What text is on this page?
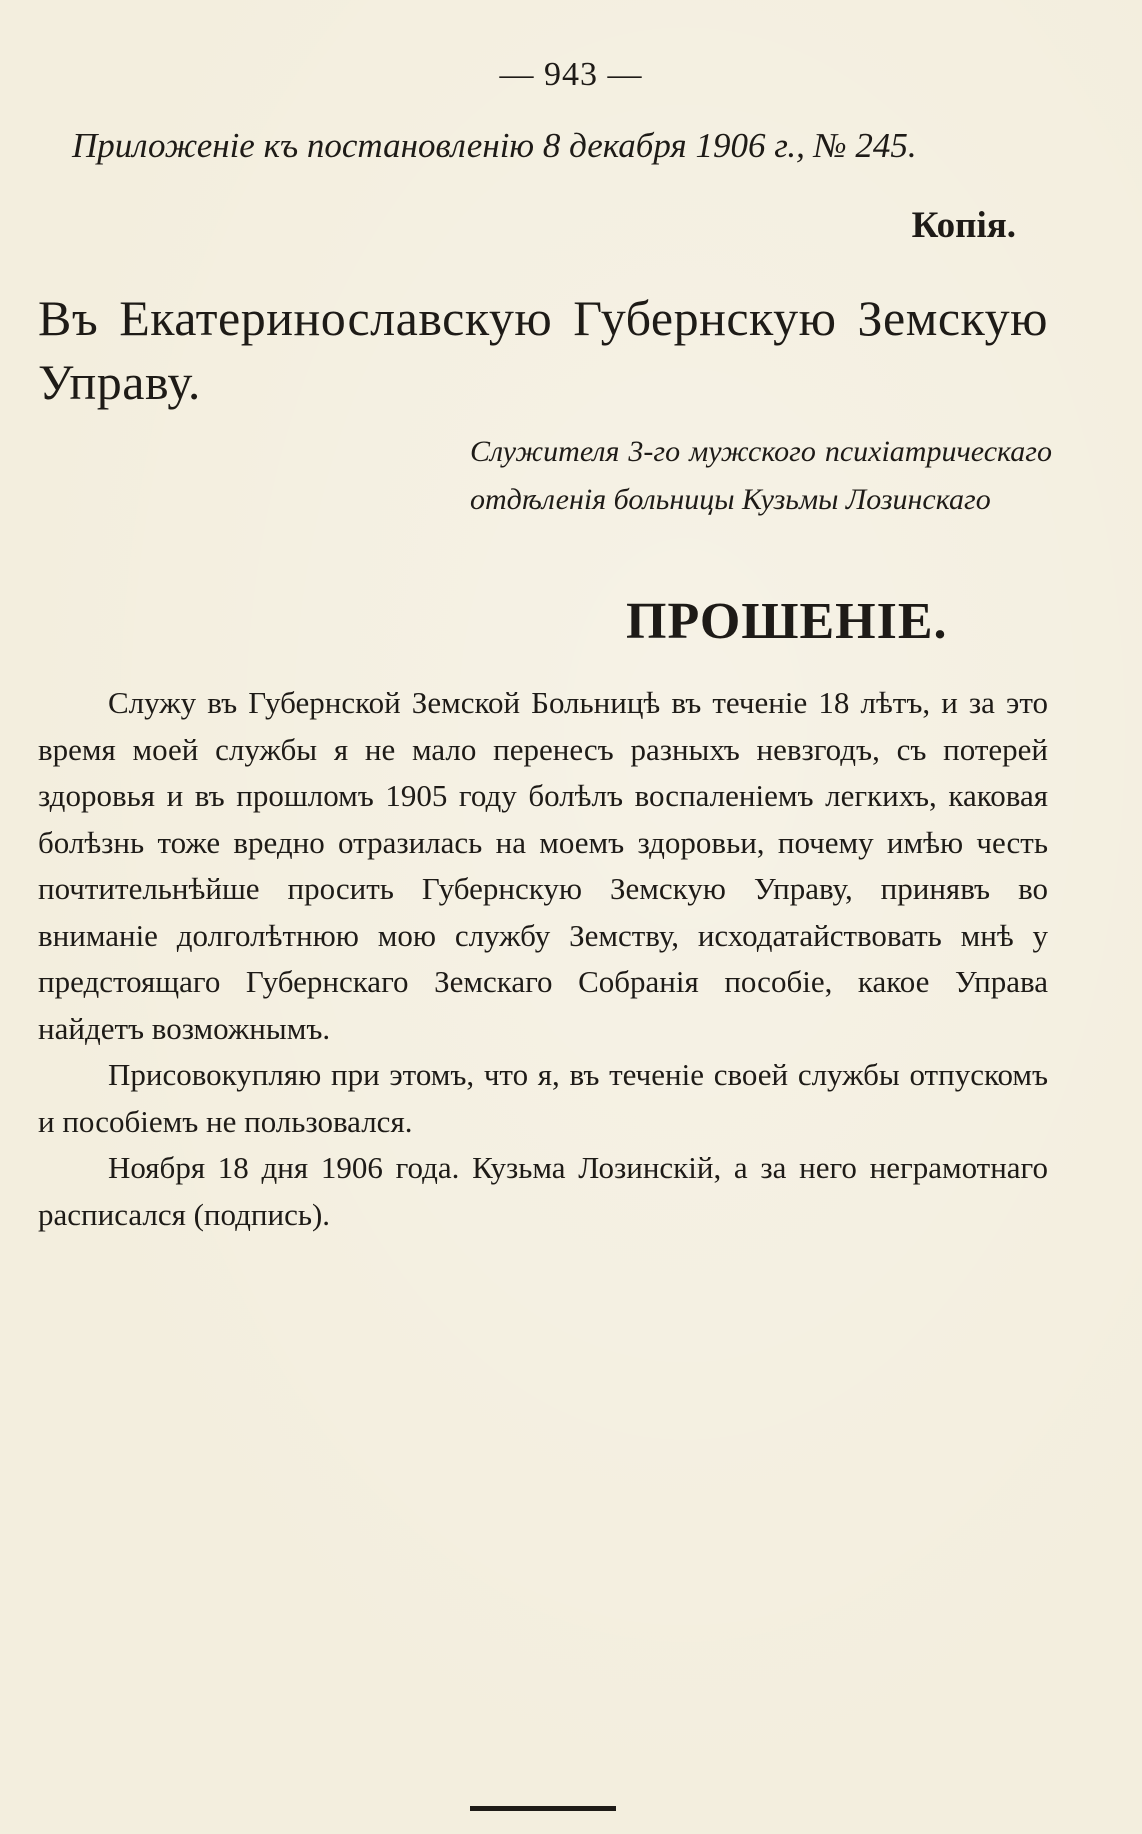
— 943 —
Приложенiе къ постановленiю 8 декабря 1906 г., № 245.
Копiя.
Въ Екатеринославскую Губернскую Земскую Управу.
Служителя 3-го мужского психiатрическаго отдѣленiя больницы Кузьмы Лозинскаго
ПРОШЕНIЕ.

Служу въ Губернской Земской Больницѣ въ теченiе 18 лѣтъ, и за это время моей службы я не мало перенесъ разныхъ невзгодъ, съ потерей здоровья и въ прошломъ 1905 году болѣлъ воспаленiемъ легкихъ, каковая болѣзнь тоже вредно отразилась на моемъ здоровьи, почему имѣю честь почтительнѣйше просить Губернскую Земскую Управу, принявъ во вниманiе долголѣтнюю мою службу Земству, исходатайствовать мнѣ у предстоящаго Губернскаго Земскаго Собранiя пособiе, какое Управа найдетъ возможнымъ.

Присовокупляю при этомъ, что я, въ теченiе своей службы отпускомъ и пособiемъ не пользовался.

Ноября 18 дня 1906 года. Кузьма Лозинскiй, а за него неграмотнаго расписался (подпись).
